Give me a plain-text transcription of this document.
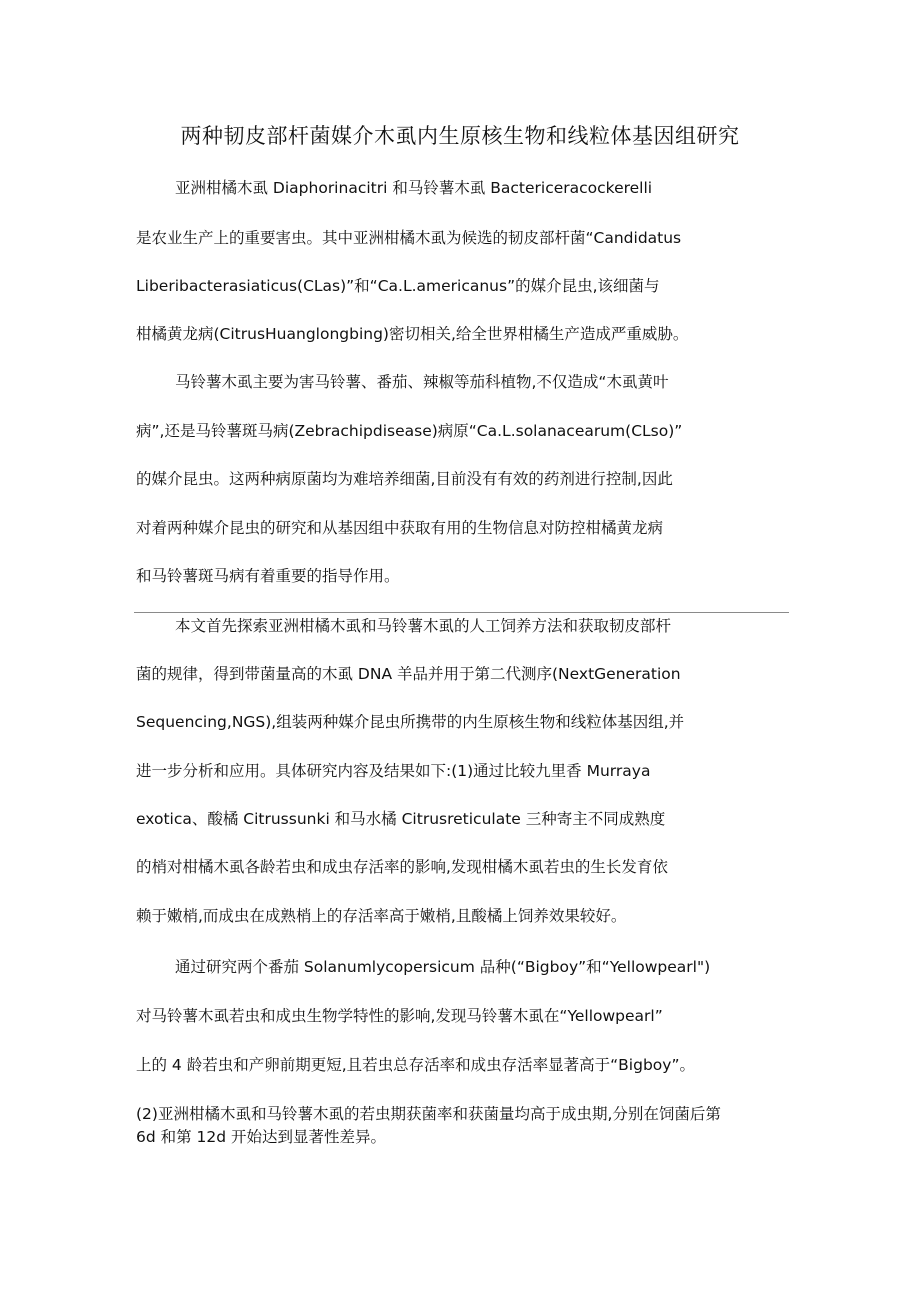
两种韧皮部杆菌媒介木虱内生原核生物和线粒体基因组研究
亚洲柑橘木虱 Diaphorinacitri 和马铃薯木虱 Bactericeracockerelli
是农业生产上的重要害虫。其中亚洲柑橘木虱为候选的韧皮部杆菌“Candidatus
Liberibacterasiaticus(CLas)”和“Ca.L.americanus”的媒介昆虫,该细菌与
柑橘黄龙病(CitrusHuanglongbing)密切相关,给全世界柑橘生产造成严重威胁。
马铃薯木虱主要为害马铃薯、番茄、辣椒等茄科植物,不仅造成“木虱黄叶
病”,还是马铃薯斑马病(Zebrachipdisease)病原“Ca.L.solanacearum(CLso)”
的媒介昆虫。这两种病原菌均为难培养细菌,目前没有有效的药剂进行控制,因此
对着两种媒介昆虫的研究和从基因组中获取有用的生物信息对防控柑橘黄龙病
和马铃薯斑马病有着重要的指导作用。
本文首先探索亚洲柑橘木虱和马铃薯木虱的人工饲养方法和获取韧皮部杆
菌的规律，得到带菌量高的木虱 DNA 羊品并用于第二代测序(NextGeneration
Sequencing,NGS),组装两种媒介昆虫所携带的内生原核生物和线粒体基因组,并
进一步分析和应用。具体研究内容及结果如下:(1)通过比较九里香 Murraya
exotica、酸橘 Citrussunki 和马水橘 Citrusreticulate 三种寄主不同成熟度
的梢对柑橘木虱各龄若虫和成虫存活率的影响,发现柑橘木虱若虫的生长发育依
赖于嫩梢,而成虫在成熟梢上的存活率高于嫩梢,且酸橘上饲养效果较好。
通过研究两个番茄 Solanumlycopersicum 品种(“Bigboy”和“Yellowpearl")
对马铃薯木虱若虫和成虫生物学特性的影响,发现马铃薯木虱在“Yellowpearl”
上的 4 龄若虫和产卵前期更短,且若虫总存活率和成虫存活率显著高于“Bigboy”。
(2)亚洲柑橘木虱和马铃薯木虱的若虫期获菌率和获菌量均高于成虫期,分别在饲菌后第
6d 和第 12d 开始达到显著性差异。
